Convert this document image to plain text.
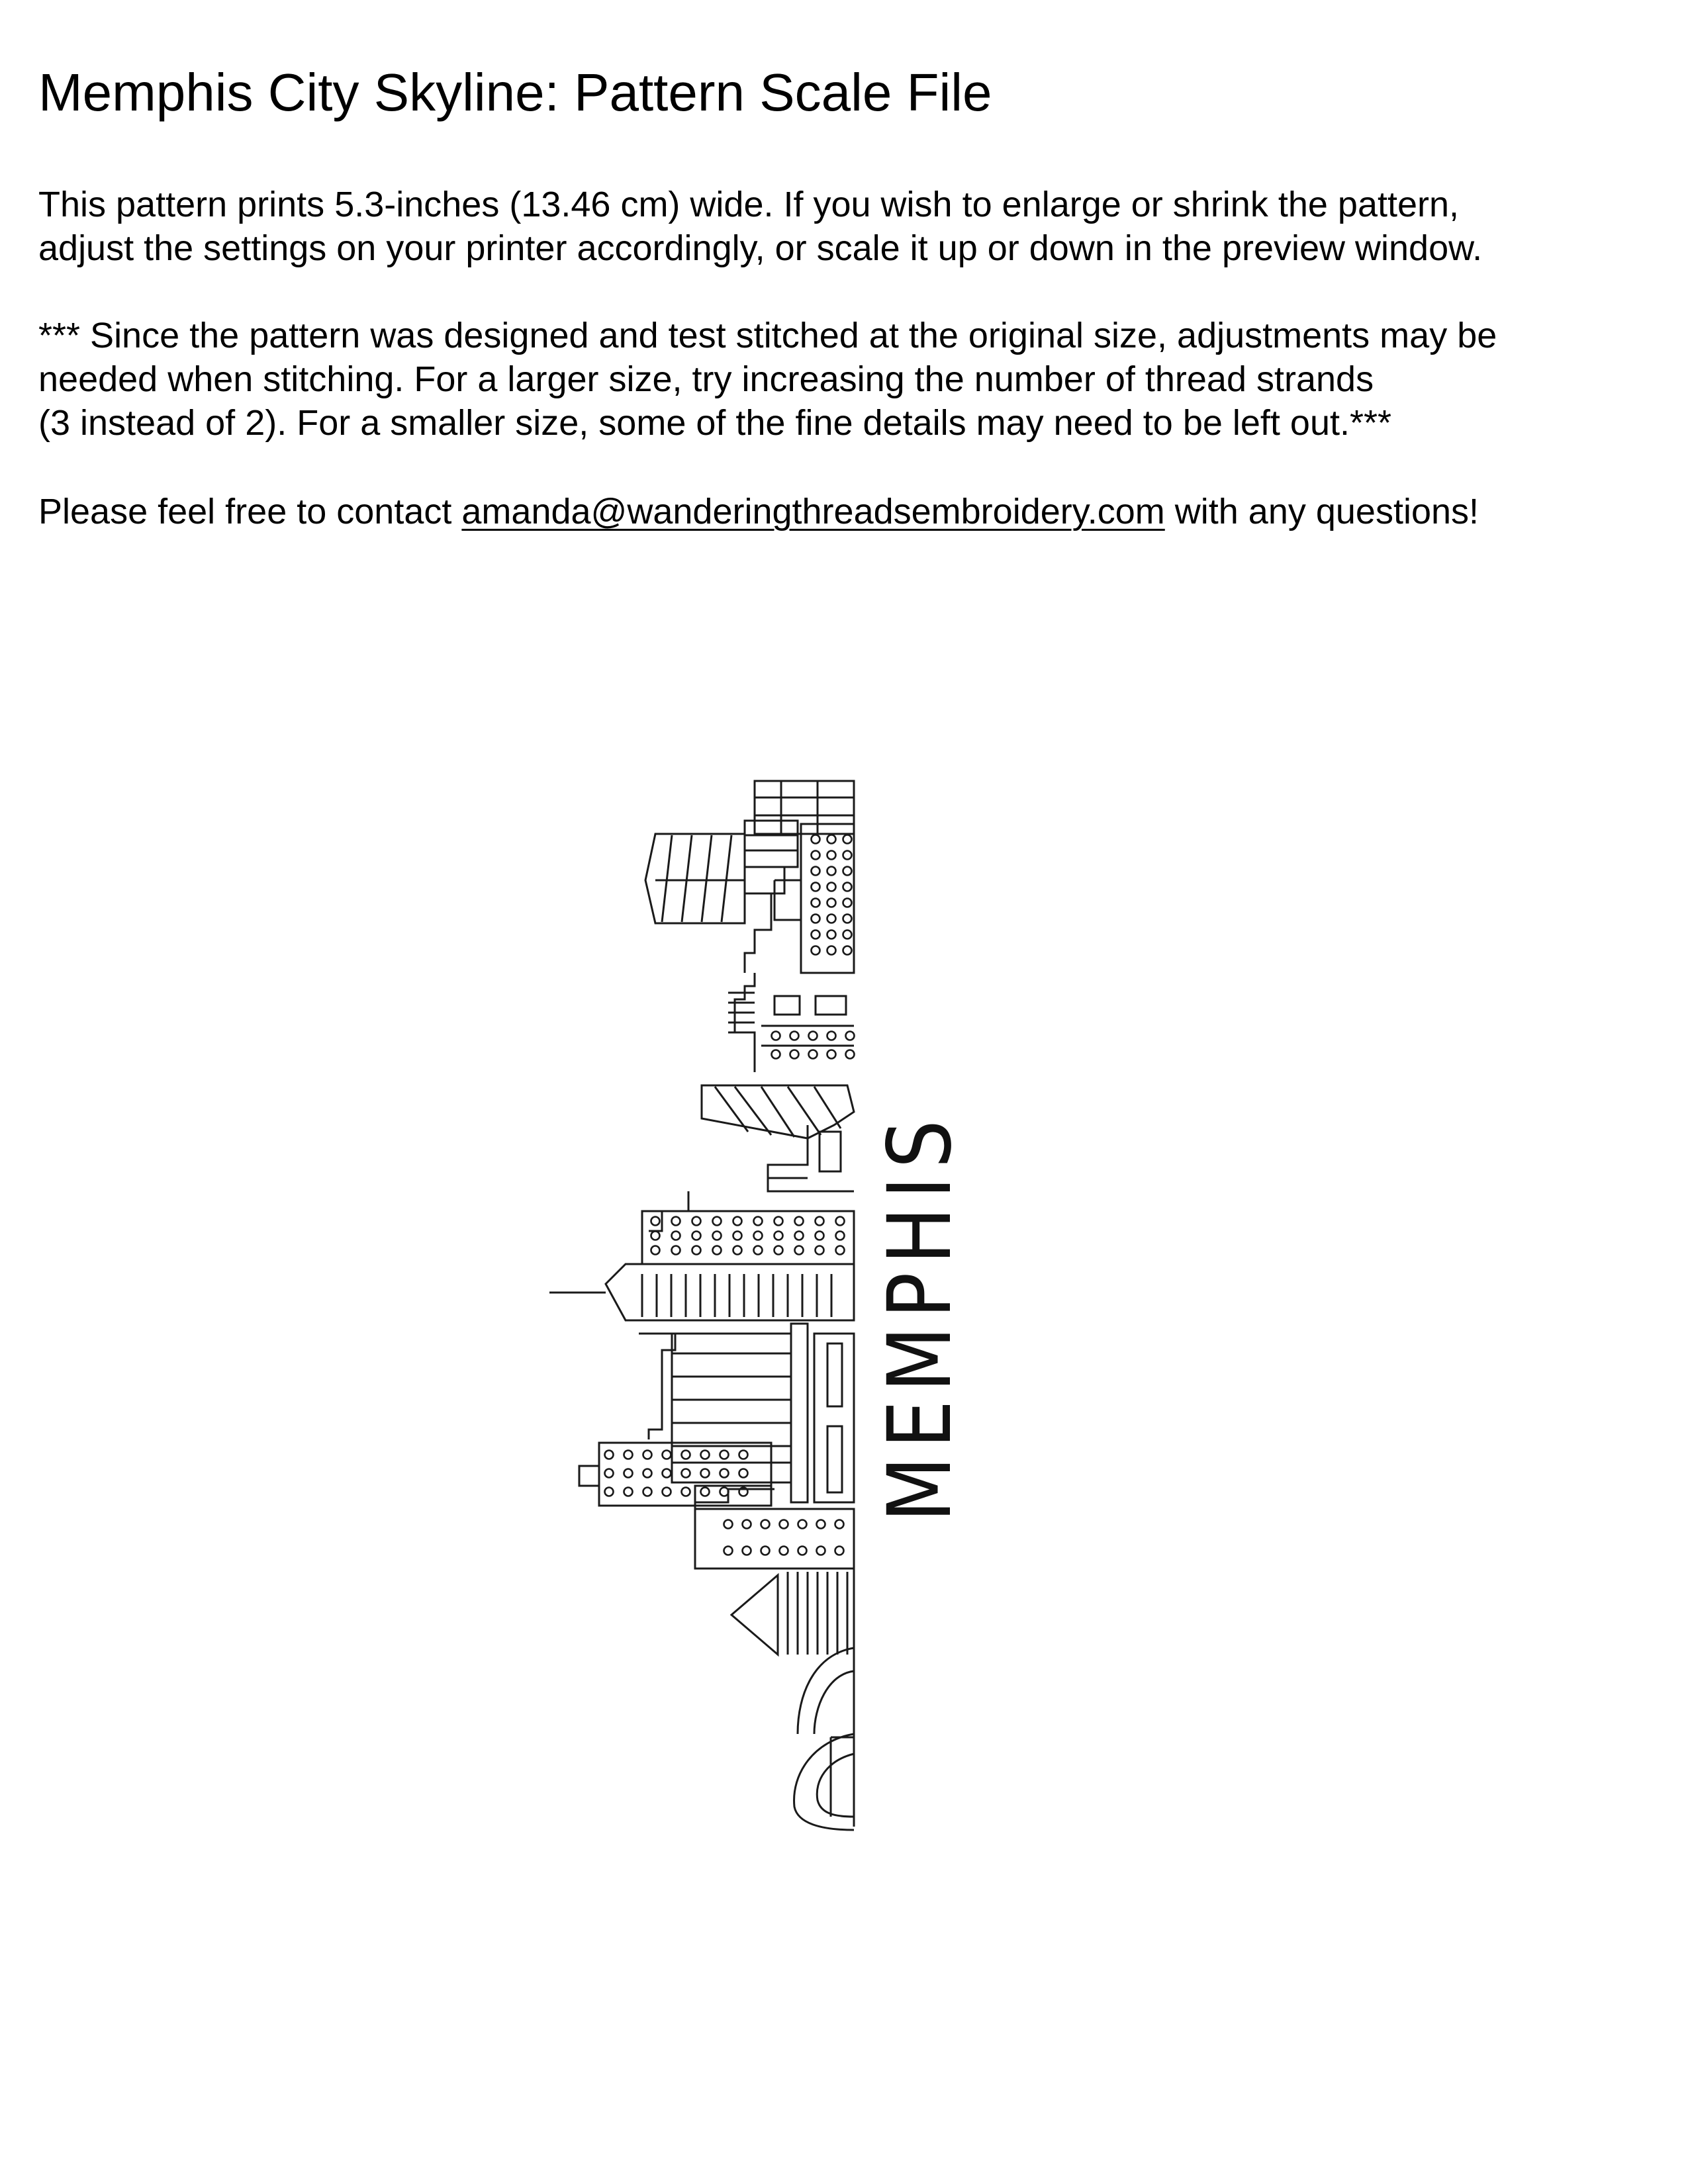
Memphis City Skyline: Pattern Scale File

This pattern prints 5.3-inches (13.46 cm) wide. If you wish to enlarge or shrink the pattern,
adjust the settings on your printer accordingly, or scale it up or down in the preview window.

*** Since the pattern was designed and test stitched at the original size, adjustments may be
needed when stitching. For a larger size, try increasing the number of thread strands
(3 instead of 2). For a smaller size, some of the fine details may need to be left out.***

Please feel free to contact amanda@wanderingthreadsembroidery.com with any questions!

MEMPHIS
